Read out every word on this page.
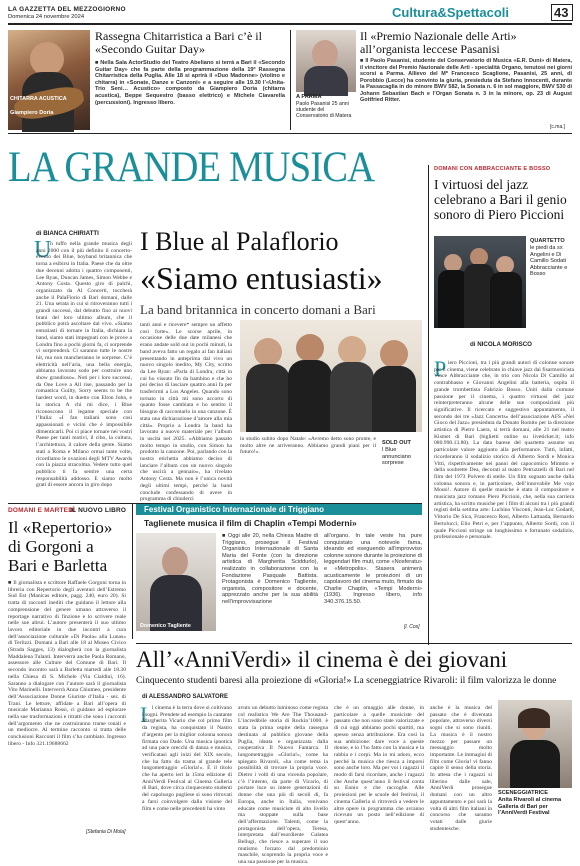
LA GAZZETTA DEL MEZZOGIORNO
Domenica 24 novembre 2024	Cultura&Spettacoli	43
CHITARRA ACUSTICA
Giampiero Doria
Rassegna Chitarristica a Bari c’è il «Secondo Guitar Day»
■ Nella Sala ActorStudio del Teatro Abeliano si terrà a Bari il «Secondo Guitar Day» che fa parte della programmazione della 19ª Rassegna Chitarristica della Puglia. Alle 18 si aprirà il «Duo Madonne» (violino e chitarra) in «Sonate, Danze e Canzoni» e a seguire alle 19.30 l’«Unita-Trio Seni… Acustico» composto da Giampiero Doria (chitarra acustica), Beppe Sequestro (basso elettrico) e Michele Ciavarella (percussioni). Ingresso libero.
Il «Premio Nazionale delle Arti» all’organista leccese Pasanisi
A PARMA
Paolo Pasanisi 25 anni studente del Conservatorio di Matera
■ Il Paolo Pasanisi, studente del Conservatorio di Musica «E.R. Duni» di Matera, il vincitore del Premio Nazionale delle Arti - specialità Organo, tenutosi nei giorni scorsi a Parma. Allievo del Mº Francesco Scaglione, Pasanisi, 25 anni, di Porobbio (Lecce) ha convinto la giuria, presieduta da Stefano Innocenti, durante la Passacaglia in do minore BWV 582, la Sonata n. 6 in sol maggiore, BWV 530 di Johann Sebastian Bach e l’Organ Sonata n. 3 in la minore, op. 23 di August Gottfried Ritter.
[c.ma.]
LA GRANDE MUSICA
di BIANCA CHIRIATTI I Blue al Palaflorio
«Siamo entusiasti»
La band britannica in concerto domani a Bari
U
n tuffo nella grande musica degli anni 2000 con il più definito il concerto-evento dei Blue, boyband britannica che torna a esibirsi in Italia. Paese che da oltre due decenni adotta i quattro componenti, Lee Ryan, Duncan James, Simon Webbe e Antony Costa. Questo giro di palchi, organizzato da Al Concerti, toccherà anche il PalaFlorio di Bari domani, dalle 21. Una serata in cui si ritroveranno tutti i grandi successi, dal debutto fino ai nuovi brani del loro ultimo album, che il pubblico potrà ascoltare dal vivo. «Siamo entusiasti di tornare in Italia, dichiara la band, siamo stati impegnati con le prove a Londra fino a pochi giorni fa, ci sorprende vi sorprenderà. Ci saranno tutte le nostre hit, ma non mancheranno le sorprese. C’è elettricità nell’aria, una bella energia, abbiamo lavorato sodo per costruire uno show grandioso». Noti per i loro successi, da One Love a All rise, passando per la romantica Guilty, Sorry seems to be the hardest word, in duetto con Elton John, e la storica A chi mi dice, i Blue riconoscono il legame speciale con l’Italia: «I fan italiani sono così appassionati e vicini che è impossibile dimenticarli. Poi ci piace tornare nei vostri Paese per tanti motivi, il cibo, la cultura, l’architettura, il calore della gente. Siamo stati a Roma e Milano ormai tante volte, ricordiamo le ovazioni degli MTV Awards con la piazza stracolma. Vedere tutto quel pubblico ti fa sentire una certa responsabilità addosso. E siamo molto grati di essere ancora in giro dopo
tanti anni e ricevere* sempre un affetto così forte». Le scorse aprile, in occasione delle due date milanesi che erano andate sold out in pochi minuti, la band aveva fatto un regalo ai fan italiani presentando in anteprima dal vivo un nuovo singolo inedito, My City, scritto da Lee Ryan: «Parla di Londra, città in cui ho vissuto fin da bambino e che ho poi deciso di lasciare quattro anni fa per trasferirmi a Los Angeles. Quando sono tornato in città mi sono accorto di quanto fosse cambiata e ho sentito il bisogno di raccontarlo in una canzone. È stata una dichiarazione d’amore alla mia città». Proprio a Londra la band ha lavorato a nuovo materiale per l’album in uscita nel 2025. «Abbiamo passato molto tempo in studio, con Simon ha prodotto la canzone. Poi, parlando con la nostra etichetta abbiamo deciso di lanciare l’album con un nuovo singolo che uscirà a gennaio», ha rivelato Antony Costa. Ma non è l’unica novità degli ultimi tempi, perché la band conclude confessando di avere in programma di chiuderci
SOLD OUT
I Blue annunciano sorprese
in studio subito dopo Natale: «Avremo detto sono pronte, e molto altre ne arriveranno. Abbiamo grandi piani per il futuro!».
DOMANI CON ABBRACCIANTE E BOSSO
I virtuosi del jazz celebrano a Bari il genio sonoro di Piero Piccioni
QUARTETTO
le piedi da sx Angelini e Di Camillo Sodati Abbracciante e Bosso
di NICOLA MORISCO
P iero Piccioni, tra i più grandi autori di colonne sonore per il cinema, viene celebrato in chiave jazz dai fisarmonicista Vince Abbracciante che, in trio con Nicola Di Camillo al contrabbasso e Giovanni Angelini alla batteria, ospita il grande trombettista Fabrizio Bosso. Uniti dalla comune passione per il cinema, i quattro virtuosi del jazz reinterpreteranno alcune delle sue composizioni più significative. Il ricercato e suggestivo appuntamento, il secondo dei tre «Jazz Concerts» dell’associazione AFS «Nel Gioco del Jazz» presieduta da Donato Romito per la direzione artistica di Pietro Laera, si terrà domani, alle 21 nel teatro Kismet di Bari (biglietti online su liveticket.it; info 080.990.13.80). La data barese del quartetto assume un particolare valore aggiunto alla performance. Tutti, infatti, ricorderanno il sodalizio storico di Alberto Sordi e Monica Vitti, rispettivamente nei panni del capocomico Mimmo e della soubrette Dea, decorati al teatro Petruzzelli di Bari nel film del 1973 Polvere di stelle. Un film sognato anche dalla colonna sonora e, in particolare, dell’innovabile Me vojo Mossi!. Autore di quelle musiche è stato il compositore e musicista jazz romano Piero Piccioni, che, nella sua carriera artistica, ha scritto musiche per i film di alcuni tra i più grandi registi della settima arte: Luchino Visconti, Jean-Luc Godard, Vittorio De Sica, Francesco Rosi, Alberto Lattuada, Bernardo Bertolucci, Elio Petri e, per l’appunto, Alberto Sordi, con il quale Piccioni stringe un lunghissimo e fortunato sodalizio, professionale e personale.
DOMANI E MARTEDÌ
IL NUOVO LIBRO
Il «Repertorio» di Gorgoni a Bari e Barletta
■ Il giornalista e scrittore Raffaele Gorgoni torna in libreria con Repertorio degli aventuri dell’Estremo Sud Est (Manicas editore, pagg. 240, euro 20). Si tratta di racconti inediti che guidano il lettore alla comprensione del genere umano attraverso il reportage narrativo di finzione e lo scrivere reale nelle sue altrui. L’autore presenterà il suo ultimo lavoro editoriale in due incontri a cura dell’associazione culturale «Di Paola» alla Lunas» di Terlizzi. Domani a Bari alle 18 al Museo Civico (Strada Sagges, 13) dialogherà con la giornalista Maddalena Tulanti. Interverrà anche Paola Romano, assessore alle Culture del Comune di Bari. Il secondo incontro sarà a Barletta martedì alle 18.30 nella Chiesa di S. Michele (Via Cialdini, 16). Saranno a dialogare con l’autore sarà il giornalista Vito Marinelli. Interverrà Anna Chiumeo, presidente dell’Associazione Donne Giuriste d’Italia - sez. di Trani. Le letture, affidate a Bari all’opera di musicale Marianna Rossi, ci guidano ad esplorare nella sue trasformazioni e ritratti che sono i racconti dell’argomento che ne costruiranno trame tonali e un mediocre. Al termine racconto si tratta delle conclusioni Racconti il film s’ha cambiato. Ingresso libero - Info 321.19688662
[Stefania Di Mola]
Festival Organistico Internazionale di Triggiano
Taglienete musica il film di Chaplin «Tempi Moderni»
Domenico Tagliente
■ Oggi alle 20, nella Chiesa Madre di Triggiano, prosegue il Festival Organistico Internazionale di Santa Maria del Fonte (con la direzione artistica di Margherita Sciddurlo), realizzato in collaborazione con la Fondazione Pasquale Battista. Protagonista è Domenico Tagliente, organista, compositore e docente, apprezzato anche per la sua abilità nell’improvvisazione
all’organo. In tale veste ha pure conquistato una notevole fama, ideando ed eseguendo all’improvviso colonne sonore durante la proiezione di leggendari film muti, come «Nosferatu» e «Metropolis». Stasera animerà acusticamente le proiezioni di un capolavoro del cinema muto, firmato da Charlie Chaplin, «Tempi Moderni» (1936). Ingresso libero, info 340.376.15.50.
[l. Cos]
All’«AnniVerdi» il cinema è dei giovani
Cinquecento studenti baresi alla proiezione di «Gloria!» La sceneggiatrice Rivaroli: il film valorizza le donne
di ALESSANDRO SALVATORE
I l cinema è la terra dove si coltivano i sogni. Prendete ad esempio la cantante Margherita Vicario che col primo film da regista, ha conquistato il Nastro d’argento per la miglior colonna sonora firmata con Dade. Una musica ipnotica ad una pace orecchi di danza e musica, verificatasi agli inizi del XIX secolo, che ha fatto da trama al grande tele lungometraggio «Gloria!». È il titolo che ha aperto ieri la 15ma edizione di AnniVerdi Festival al Cinema Galleria di Bari, dove circa cinquecento studenti del capoluogo pugliese si sono ritrovati a farsi coinvolgere dalla visione del film e come nelle precedenti ha vinto
avuto un debutto luminoso come regista col realistico We Are The Thousand-L’incredibile storia di Rockin’1000. è stata la prima ospite della rassegna destinata al pubblico giovane della Puglia, ideata e organizzata dalla cooperativa Il Nuovo Fantarca. Il lungometraggio «Gloria!», come ha spiegato Rivaroli, «ha come tema la possibilità di trovare la propria voce. Dietro i volti di una vicenda popolare, c’è l’intento, da parte di Vicario, di portare luce su intere generazioni di donne che una più di secoli di, fa Europa, anche in Italia, venivano educate come musiciste di alto livello ma stoppate sulla base dell’affermazione. Talenti, come la protagonista dell’opera, Teresa, interpretata dall’esordiente Galatea Bellugi, che riesce a superare il suo mutismo forzato dal predominio maschile, scoprendo la propria voce e una sua passione per la musica.
che è un omaggio alle donne, in particolare a quelle musiciste del passato che non sono state valorizzate e di cui oggi abbiamo pochi spartiti, ma spesso senza attribuzione. Era così la sua ambizione: dare voce a queste donne, e io l’ho fatto con la musica e la rabbia e i corpi. Ma io mi adoro, ecco perché la musica che riesca a imporsi sono anche loro. Ma per voi i ragazzi il modo di farsi ricordare, anche i ragazzi che Anche quest’anno il festival conta su Ennio e che raccoglie. Alle proiezioni per le scuole del festival, il cinema Galleria si ritroverà a vedere le altre opere in programma che avranno ricevuto un posto nell’edizione di quest’anno.
anche è la musica del passato che è diventata popolare, attraverso diversi sogni che si sono riuniti. La musica è il nostro mezzo per passare un messaggio molto importante. Le immagini di film come Gloria! vi fanno capire il senso della storia. In attesa che i ragazzi si liberino dalle sale, AnniVerdi prosegue domani con un altro appuntamento e poi sarà la volta di altri film italiani in concorso che saranno votati dalle giurie studentesche.
SCENEGGIATRICE
Anita Rivaroli al cinema Galleria di Bari per l’AnniVerdi Festival
